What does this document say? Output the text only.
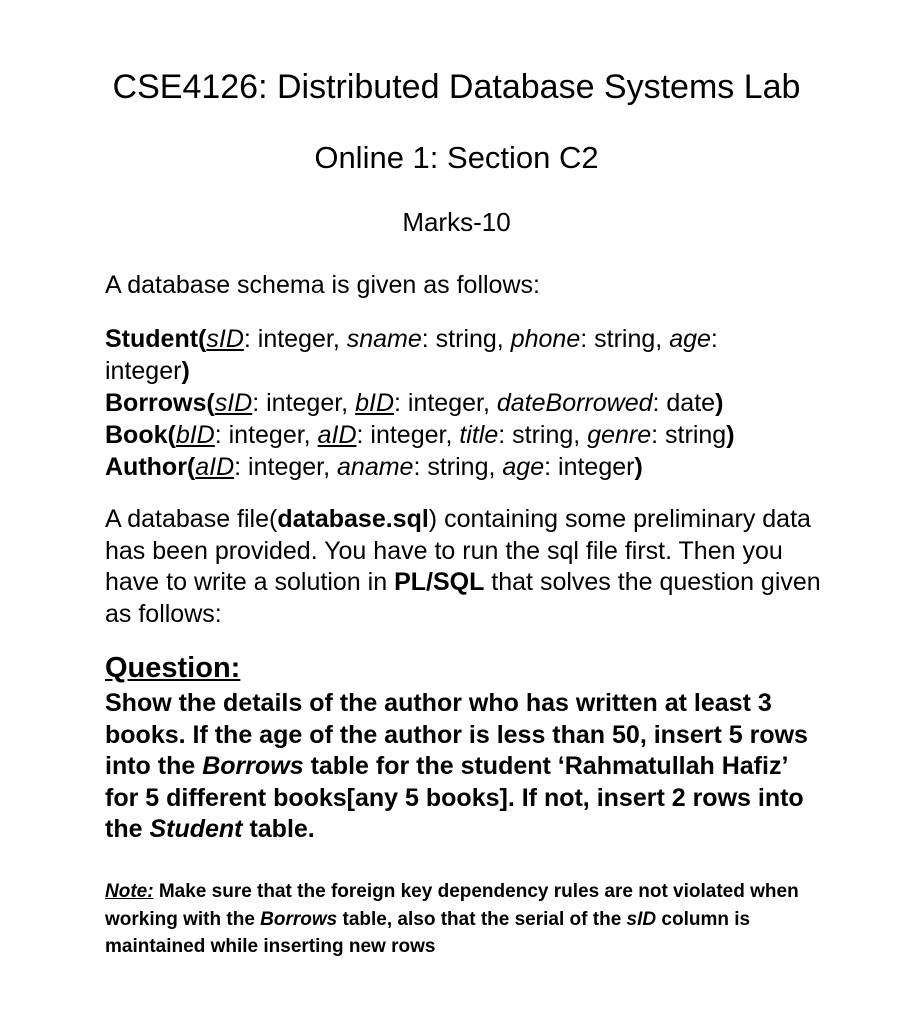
CSE4126: Distributed Database Systems Lab
Online 1: Section C2
Marks-10
A database schema is given as follows:
Student(sID: integer, sname: string, phone: string, age:
integer)
Borrows(sID: integer, bID: integer, dateBorrowed: date)
Book(bID: integer, aID: integer, title: string, genre: string)
Author(aID: integer, aname: string, age: integer)
A database file(database.sql) containing some preliminary data has been provided. You have to run the sql file first. Then you have to write a solution in PL/SQL that solves the question given as follows:
Question:
Show the details of the author who has written at least 3 books. If the age of the author is less than 50, insert 5 rows into the Borrows table for the student ‘Rahmatullah Hafiz’ for 5 different books[any 5 books]. If not, insert 2 rows into the Student table.
Note: Make sure that the foreign key dependency rules are not violated when working with the Borrows table, also that the serial of the sID column is maintained while inserting new rows
